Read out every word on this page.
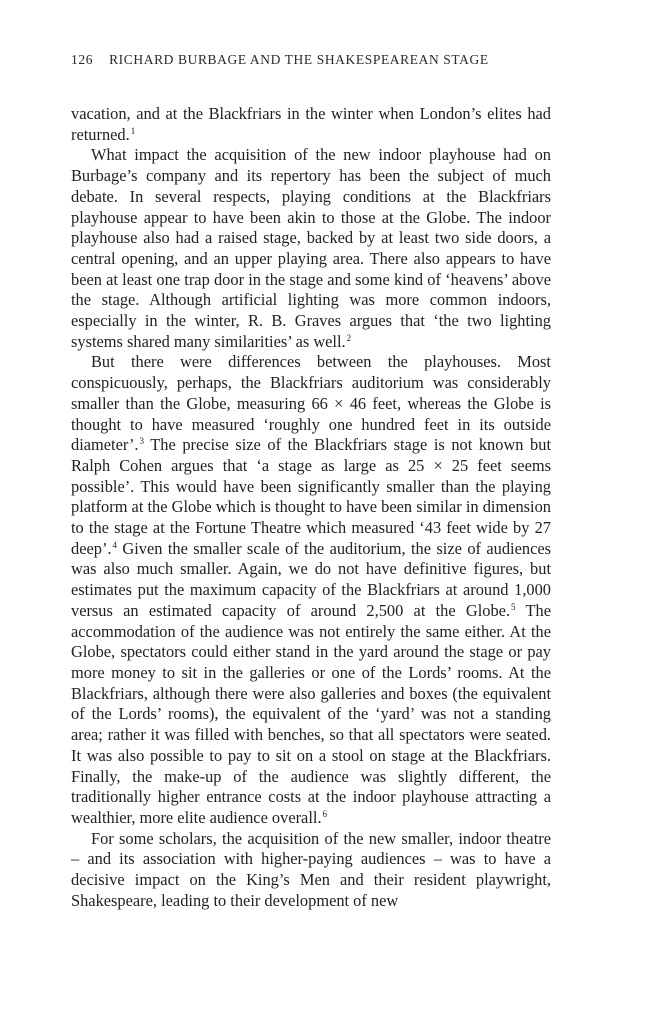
126 RICHARD BURBAGE AND THE SHAKESPEAREAN STAGE

vacation, and at the Blackfriars in the winter when London’s elites had returned.$^1$

What impact the acquisition of the new indoor playhouse had on Burbage’s company and its repertory has been the subject of much debate. In several respects, playing conditions at the Blackfriars playhouse appear to have been akin to those at the Globe. The indoor playhouse also had a raised stage, backed by at least two side doors, a central opening, and an upper playing area. There also appears to have been at least one trap door in the stage and some kind of ‘heavens’ above the stage. Although artificial lighting was more common indoors, especially in the winter, R. B. Graves argues that ‘the two lighting systems shared many similarities’ as well.$^2$

But there were differences between the playhouses. Most conspicuously, perhaps, the Blackfriars auditorium was considerably smaller than the Globe, measuring 66 × 46 feet, whereas the Globe is thought to have measured ‘roughly one hundred feet in its outside diameter’.$^3$ The precise size of the Blackfriars stage is not known but Ralph Cohen argues that ‘a stage as large as 25 × 25 feet seems possible’. This would have been significantly smaller than the playing platform at the Globe which is thought to have been similar in dimension to the stage at the Fortune Theatre which measured ‘43 feet wide by 27 deep’.$^4$ Given the smaller scale of the auditorium, the size of audiences was also much smaller. Again, we do not have definitive figures, but estimates put the maximum capacity of the Blackfriars at around 1,000 versus an estimated capacity of around 2,500 at the Globe.$^5$ The accommodation of the audience was not entirely the same either. At the Globe, spectators could either stand in the yard around the stage or pay more money to sit in the galleries or one of the Lords’ rooms. At the Blackfriars, although there were also galleries and boxes (the equivalent of the Lords’ rooms), the equivalent of the ‘yard’ was not a standing area; rather it was filled with benches, so that all spectators were seated. It was also possible to pay to sit on a stool on stage at the Blackfriars. Finally, the make-up of the audience was slightly different, the traditionally higher entrance costs at the indoor playhouse attracting a wealthier, more elite audience overall.$^6$

For some scholars, the acquisition of the new smaller, indoor theatre – and its association with higher-paying audiences – was to have a decisive impact on the King’s Men and their resident playwright, Shakespeare, leading to their development of new
